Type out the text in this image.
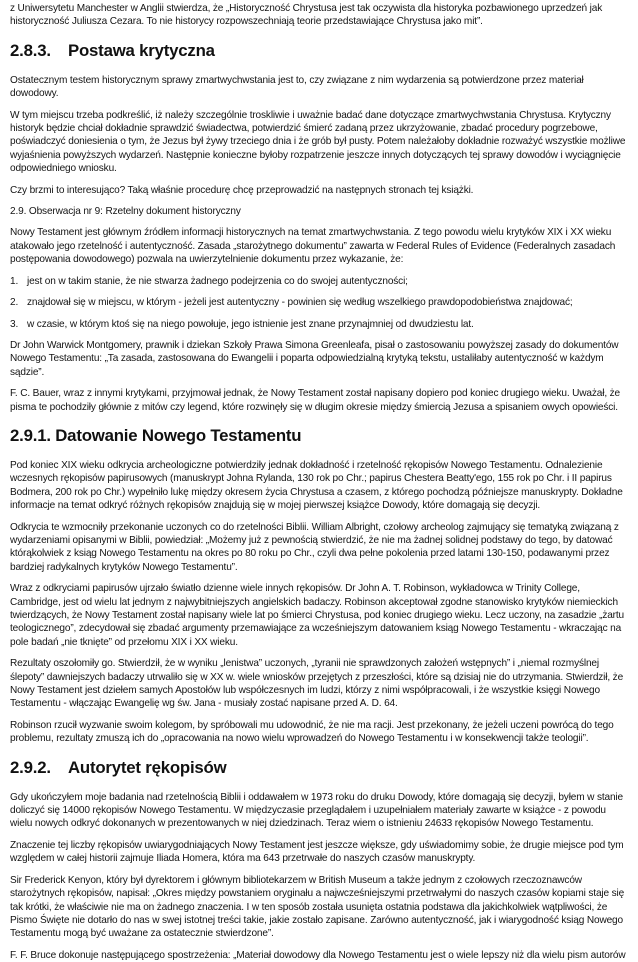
z Uniwersytetu Manchester w Anglii stwierdza, że „Historyczność Chrystusa jest tak oczywista dla historyka pozbawionego uprzedzeń jak historyczność Juliusza Cezara. To nie historycy rozpowszechniają teorie przedstawiające Chrystusa jako mit”.

2.8.3. Postawa krytyczna

Ostatecznym testem historycznym sprawy zmartwychwstania jest to, czy związane z nim wydarzenia są potwierdzone przez materiał dowodowy.

W tym miejscu trzeba podkreślić, iż należy szczególnie troskliwie i uważnie badać dane dotyczące zmartwychwstania Chrystusa. Krytyczny historyk będzie chciał dokładnie sprawdzić świadectwa, potwierdzić śmierć zadaną przez ukrzyżowanie, zbadać procedury pogrzebowe, poświadczyć doniesienia o tym, że Jezus był żywy trzeciego dnia i że grób był pusty. Potem należałoby dokładnie rozważyć wszystkie możliwe wyjaśnienia powyższych wydarzeń. Następnie konieczne byłoby rozpatrzenie jeszcze innych dotyczących tej sprawy dowodów i wyciągnięcie odpowiedniego wniosku.

Czy brzmi to interesująco? Taką właśnie procedurę chcę przeprowadzić na następnych stronach tej książki.

2.9. Obserwacja nr 9: Rzetelny dokument historyczny

Nowy Testament jest głównym źródłem informacji historycznych na temat zmartwychwstania. Z tego powodu wielu krytyków XIX i XX wieku atakowało jego rzetelność i autentyczność. Zasada „starożytnego dokumentu” zawarta w Federal Rules of Evidence (Federalnych zasadach postępowania dowodowego) pozwala na uwierzytelnienie dokumentu przez wykazanie, że:

1. jest on w takim stanie, że nie stwarza żadnego podejrzenia co do swojej autentyczności;
2. znajdował się w miejscu, w którym - jeżeli jest autentyczny - powinien się według wszelkiego prawdopodobieństwa znajdować;
3. w czasie, w którym ktoś się na niego powołuje, jego istnienie jest znane przynajmniej od dwudziestu lat.

Dr John Warwick Montgomery, prawnik i dziekan Szkoły Prawa Simona Greenleafa, pisał o zastosowaniu powyższej zasady do dokumentów Nowego Testamentu: „Ta zasada, zastosowana do Ewangelii i poparta odpowiedzialną krytyką tekstu, ustaliłaby autentyczność w każdym sądzie”.

F. C. Bauer, wraz z innymi krytykami, przyjmował jednak, że Nowy Testament został napisany dopiero pod koniec drugiego wieku. Uważał, że pisma te pochodziły głównie z mitów czy legend, które rozwinęły się w długim okresie między śmiercią Jezusa a spisaniem owych opowieści.

2.9.1. Datowanie Nowego Testamentu

Pod koniec XIX wieku odkrycia archeologiczne potwierdziły jednak dokładność i rzetelność rękopisów Nowego Testamentu. Odnalezienie wczesnych rękopisów papirusowych (manuskrypt Johna Rylanda, 130 rok po Chr.; papirus Chestera Beatty'ego, 155 rok po Chr. i II papirus Bodmera, 200 rok po Chr.) wypełniło lukę między okresem życia Chrystusa a czasem, z którego pochodzą późniejsze manuskrypty. Dokładne informacje na temat odkryć różnych rękopisów znajdują się w mojej pierwszej książce Dowody, które domagają się decyzji.

Odkrycia te wzmocniły przekonanie uczonych co do rzetelności Biblii. William Albright, czołowy archeolog zajmujący się tematyką związaną z wydarzeniami opisanymi w Biblii, powiedział: „Możemy już z pewnością stwierdzić, że nie ma żadnej solidnej podstawy do tego, by datować którąkolwiek z ksiąg Nowego Testamentu na okres po 80 roku po Chr., czyli dwa pełne pokolenia przed latami 130-150, podawanymi przez bardziej radykalnych krytyków Nowego Testamentu”.

Wraz z odkryciami papirusów ujrzało światło dzienne wiele innych rękopisów. Dr John A. T. Robinson, wykładowca w Trinity College, Cambridge, jest od wielu lat jednym z najwybitniejszych angielskich badaczy. Robinson akceptował zgodne stanowisko krytyków niemieckich twierdzących, że Nowy Testament został napisany wiele lat po śmierci Chrystusa, pod koniec drugiego wieku. Lecz uczony, na zasadzie „żartu teologicznego”, zdecydował się zbadać argumenty przemawiające za wcześniejszym datowaniem ksiąg Nowego Testamentu - wkraczając na pole badań „nie tknięte” od przełomu XIX i XX wieku.

Rezultaty oszołomiły go. Stwierdził, że w wyniku „lenistwa” uczonych, „tyranii nie sprawdzonych założeń wstępnych” i „niemal rozmyślnej ślepoty” dawniejszych badaczy utrwaliło się w XX w. wiele wniosków przejętych z przeszłości, które są dzisiaj nie do utrzymania. Stwierdził, że Nowy Testament jest dziełem samych Apostołów lub współczesnych im ludzi, którzy z nimi współpracowali, i że wszystkie księgi Nowego Testamentu - włączając Ewangelię wg św. Jana - musiały zostać napisane przed A. D. 64.

Robinson rzucił wyzwanie swoim kolegom, by spróbowali mu udowodnić, że nie ma racji. Jest przekonany, że jeżeli uczeni powrócą do tego problemu, rezultaty zmuszą ich do „opracowania na nowo wielu wprowadzeń do Nowego Testamentu i w konsekwencji także teologii”.

2.9.2. Autorytet rękopisów

Gdy ukończyłem moje badania nad rzetelnością Biblii i oddawałem w 1973 roku do druku Dowody, które domagają się decyzji, byłem w stanie doliczyć się 14000 rękopisów Nowego Testamentu. W międzyczasie przeglądałem i uzupełniałem materiały zawarte w książce - z powodu wielu nowych odkryć dokonanych w prezentowanych w niej dziedzinach. Teraz wiem o istnieniu 24633 rękopisów Nowego Testamentu.

Znaczenie tej liczby rękopisów uwiarygodniających Nowy Testament jest jeszcze większe, gdy uświadomimy sobie, że drugie miejsce pod tym względem w całej historii zajmuje Iliada Homera, która ma 643 przetrwałe do naszych czasów manuskrypty.

Sir Frederick Kenyon, który był dyrektorem i głównym bibliotekarzem w British Museum a także jednym z czołowych rzeczoznawców starożytnych rękopisów, napisał: „Okres między powstaniem oryginału a najwcześniejszymi przetrwałymi do naszych czasów kopiami staje się tak krótki, że właściwie nie ma on żadnego znaczenia. I w ten sposób została usunięta ostatnia podstawa dla jakichkolwiek wątpliwości, że Pismo Święte nie dotarło do nas w swej istotnej treści takie, jakie zostało zapisane. Zarówno autentyczność, jak i wiarygodność ksiąg Nowego Testamentu mogą być uważane za ostatecznie stwierdzone”.

F. F. Bruce dokonuje następującego spostrzeżenia: „Materiał dowodowy dla Nowego Testamentu jest o wiele lepszy niż dla wielu pism autorów
